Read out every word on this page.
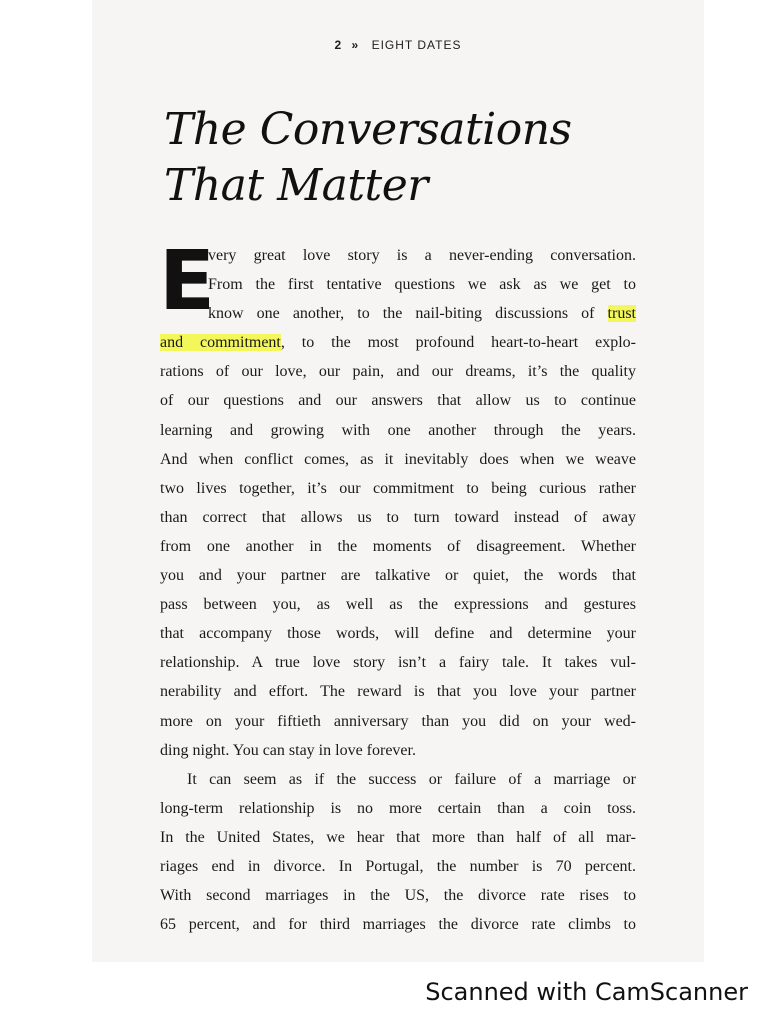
2 » EIGHT DATES
The Conversations
That Matter
E
very great love story is a never-ending conversation.
From the first tentative questions we ask as we get to
know one another, to the nail-biting discussions of trust
and commitment, to the most profound heart-to-heart explo-
rations of our love, our pain, and our dreams, it’s the quality
of our questions and our answers that allow us to continue
learning and growing with one another through the years.
And when conflict comes, as it inevitably does when we weave
two lives together, it’s our commitment to being curious rather
than correct that allows us to turn toward instead of away
from one another in the moments of disagreement. Whether
you and your partner are talkative or quiet, the words that
pass between you, as well as the expressions and gestures
that accompany those words, will define and determine your
relationship. A true love story isn’t a fairy tale. It takes vul-
nerability and effort. The reward is that you love your partner
more on your fiftieth anniversary than you did on your wed-
ding night. You can stay in love forever.
It can seem as if the success or failure of a marriage or
long-term relationship is no more certain than a coin toss.
In the United States, we hear that more than half of all mar-
riages end in divorce. In Portugal, the number is 70 percent.
With second marriages in the US, the divorce rate rises to
65 percent, and for third marriages the divorce rate climbs to
Scanned with CamScanner
